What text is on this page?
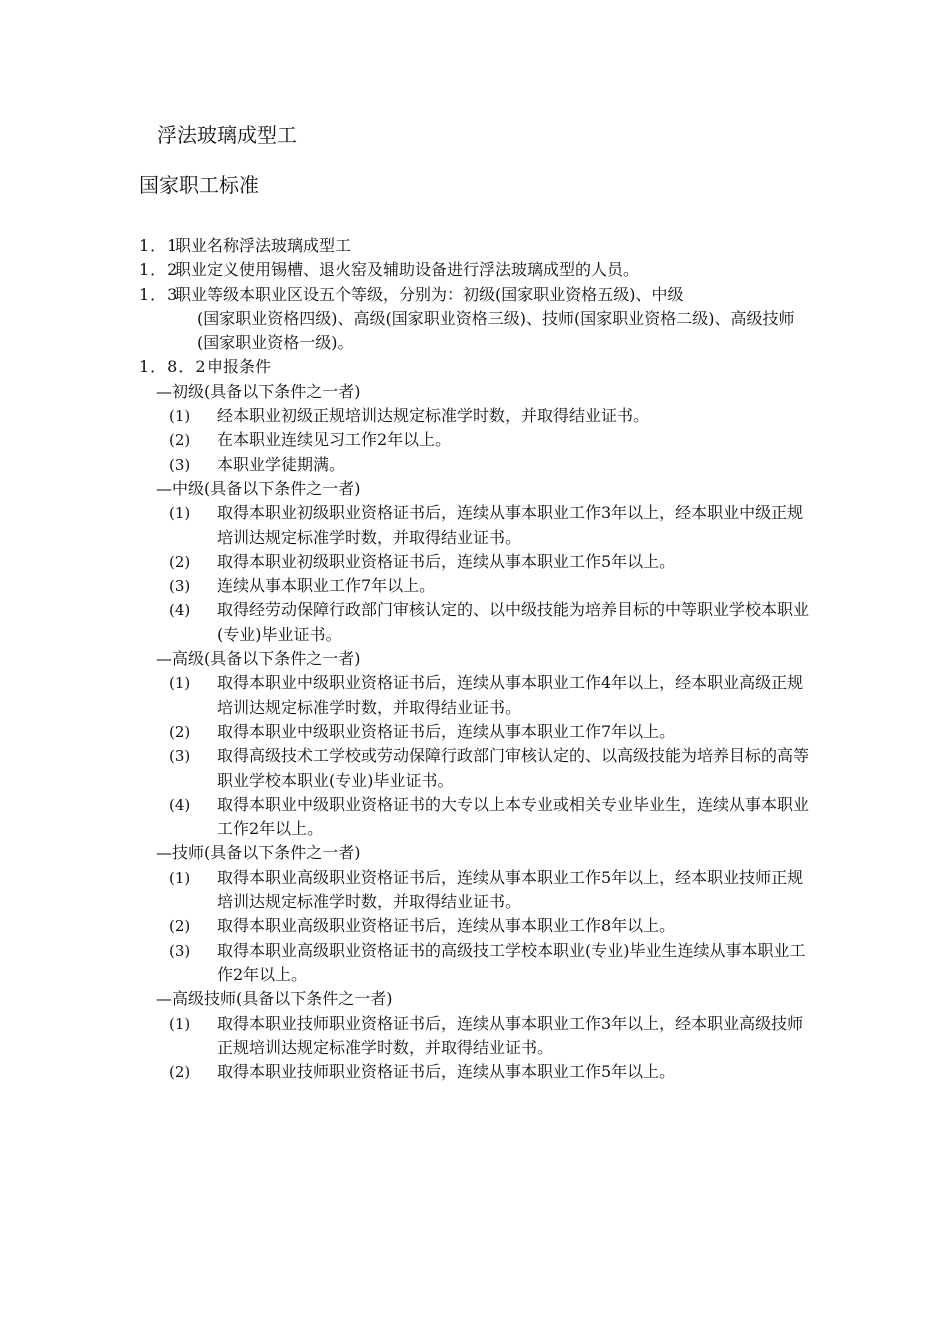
浮法玻璃成型工
国家职工标准
1．1
职业名称浮法玻璃成型工
1．2
职业定义使用锡槽、退火窑及辅助设备进行浮法玻璃成型的人员。
1．3职业等级本职业区设五个等级，分别为：初级(国家职业资格五级)、中级
(国家职业资格四级)、高级(国家职业资格三级)、技师(国家职业资格二级)、高级技师(国家职业资格一级)。
1．8．2 申报条件
—初级(具备以下条件之一者)
(1)	经本职业初级正规培训达规定标准学时数，并取得结业证书。
(2)	在本职业连续见习工作2年以上。
(3)	本职业学徒期满。
—中级(具备以下条件之一者)
(1)	取得本职业初级职业资格证书后，连续从事本职业工作3年以上，经本职业中级正规培训达规定标准学时数，并取得结业证书。
(2)	取得本职业初级职业资格证书后，连续从事本职业工作5年以上。
(3)	连续从事本职业工作7年以上。
(4)	取得经劳动保障行政部门审核认定的、以中级技能为培养目标的中等职业学校本职业(专业)毕业证书。
—高级(具备以下条件之一者)
(1)	取得本职业中级职业资格证书后，连续从事本职业工作4年以上，经本职业高级正规培训达规定标准学时数，并取得结业证书。
(2)	取得本职业中级职业资格证书后，连续从事本职业工作7年以上。
(3)	取得高级技术工学校或劳动保障行政部门审核认定的、以高级技能为培养目标的高等职业学校本职业(专业)毕业证书。
(4)	取得本职业中级职业资格证书的大专以上本专业或相关专业毕业生，连续从事本职业工作2年以上。
—技师(具备以下条件之一者)
(1)	取得本职业高级职业资格证书后，连续从事本职业工作5年以上，经本职业技师正规培训达规定标准学时数，并取得结业证书。
(2)	取得本职业高级职业资格证书后，连续从事本职业工作8年以上。
(3)	取得本职业高级职业资格证书的高级技工学校本职业(专业)毕业生连续从事本职业工作2年以上。
—高级技师(具备以下条件之一者)
(1)	取得本职业技师职业资格证书后，连续从事本职业工作3年以上，经本职业高级技师正规培训达规定标准学时数，并取得结业证书。
(2)	取得本职业技师职业资格证书后，连续从事本职业工作5年以上。
